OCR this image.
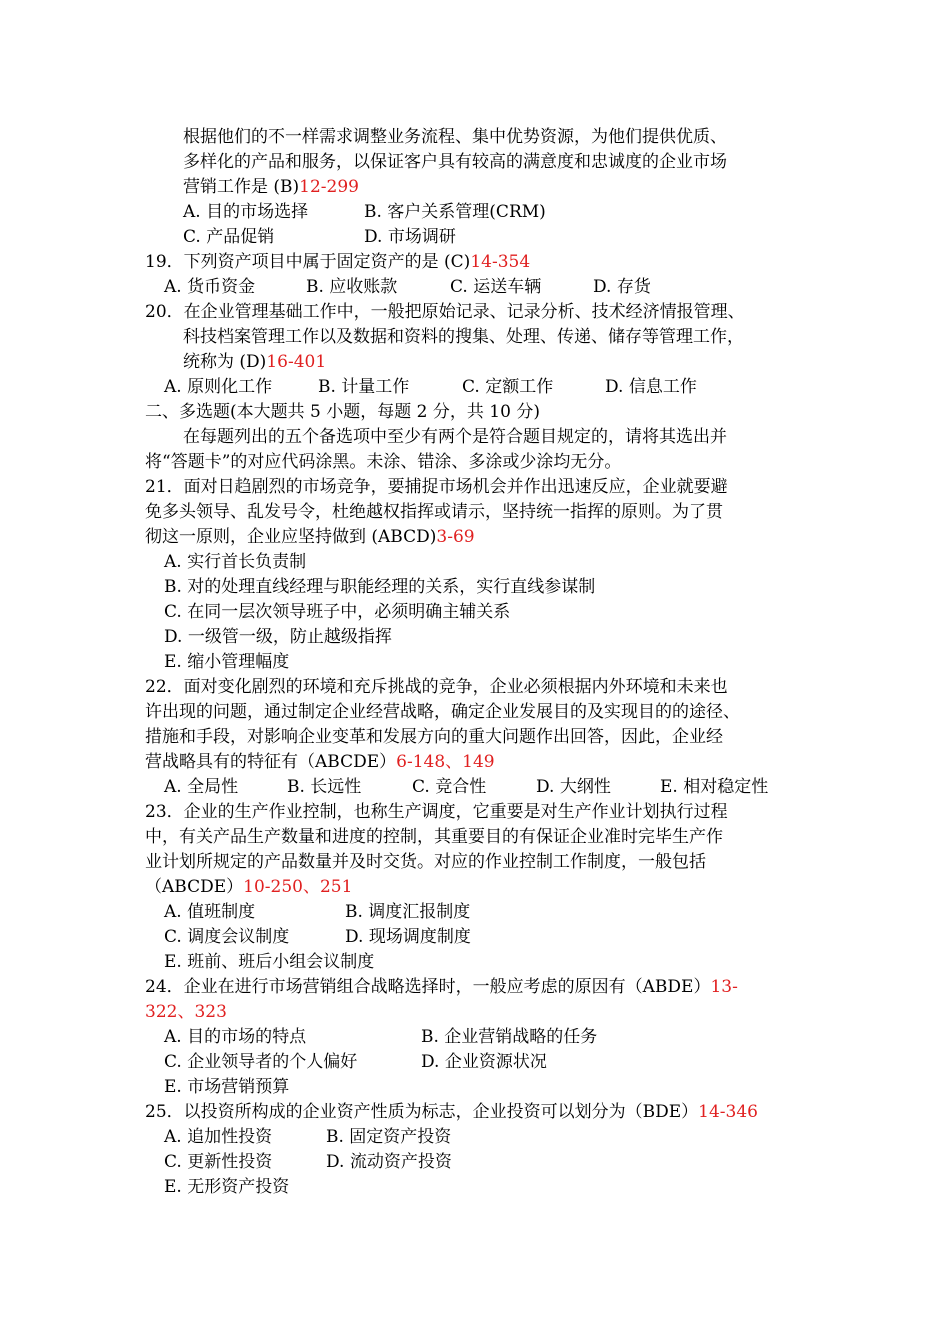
根据他们的不一样需求调整业务流程、集中优势资源，为他们提供优质、
多样化的产品和服务，以保证客户具有较高的满意度和忠诚度的企业市场
营销工作是 (B)12-299
A. 目的市场选择	B. 客户关系管理(CRM)
C. 产品促销	D. 市场调研
19．下列资产项目中属于固定资产的是 (C)14-354
A. 货币资金	B. 应收账款	C. 运送车辆	D. 存货
20．在企业管理基础工作中，一般把原始记录、记录分析、技术经济情报管理、
科技档案管理工作以及数据和资料的搜集、处理、传递、储存等管理工作，
统称为 (D)16-401
A. 原则化工作	B. 计量工作	C. 定额工作	D. 信息工作
二、多选题(本大题共 5 小题，每题 2 分，共 10 分)
在每题列出的五个备选项中至少有两个是符合题目规定的，请将其选出并
将“答题卡”的对应代码涂黑。未涂、错涂、多涂或少涂均无分。
21．面对日趋剧烈的市场竞争，要捕捉市场机会并作出迅速反应，企业就要避
免多头领导、乱发号令，杜绝越权指挥或请示，坚持统一指挥的原则。为了贯
彻这一原则，企业应坚持做到 (ABCD)3-69
A. 实行首长负责制
B. 对的处理直线经理与职能经理的关系，实行直线参谋制
C. 在同一层次领导班子中，必须明确主辅关系
D. 一级管一级，防止越级指挥
E. 缩小管理幅度
22．面对变化剧烈的环境和充斥挑战的竞争，企业必须根据内外环境和未来也
许出现的问题，通过制定企业经营战略，确定企业发展目的及实现目的的途径、
措施和手段，对影响企业变革和发展方向的重大问题作出回答，因此，企业经
营战略具有的特征有（ABCDE）6-148、149
A. 全局性	B. 长远性	C. 竞合性	D. 大纲性	E. 相对稳定性
23．企业的生产作业控制，也称生产调度，它重要是对生产作业计划执行过程
中，有关产品生产数量和进度的控制，其重要目的有保证企业准时完毕生产作
业计划所规定的产品数量并及时交货。对应的作业控制工作制度，一般包括
（ABCDE）10-250、251
A. 值班制度	B. 调度汇报制度
C. 调度会议制度	D. 现场调度制度
E. 班前、班后小组会议制度
24．企业在进行市场营销组合战略选择时，一般应考虑的原因有（ABDE）13-
322、323
A. 目的市场的特点	B. 企业营销战略的任务
C. 企业领导者的个人偏好	D. 企业资源状况
E. 市场营销预算
25．以投资所构成的企业资产性质为标志，企业投资可以划分为（BDE）14-346
A. 追加性投资	B. 固定资产投资
C. 更新性投资	D. 流动资产投资
E. 无形资产投资
